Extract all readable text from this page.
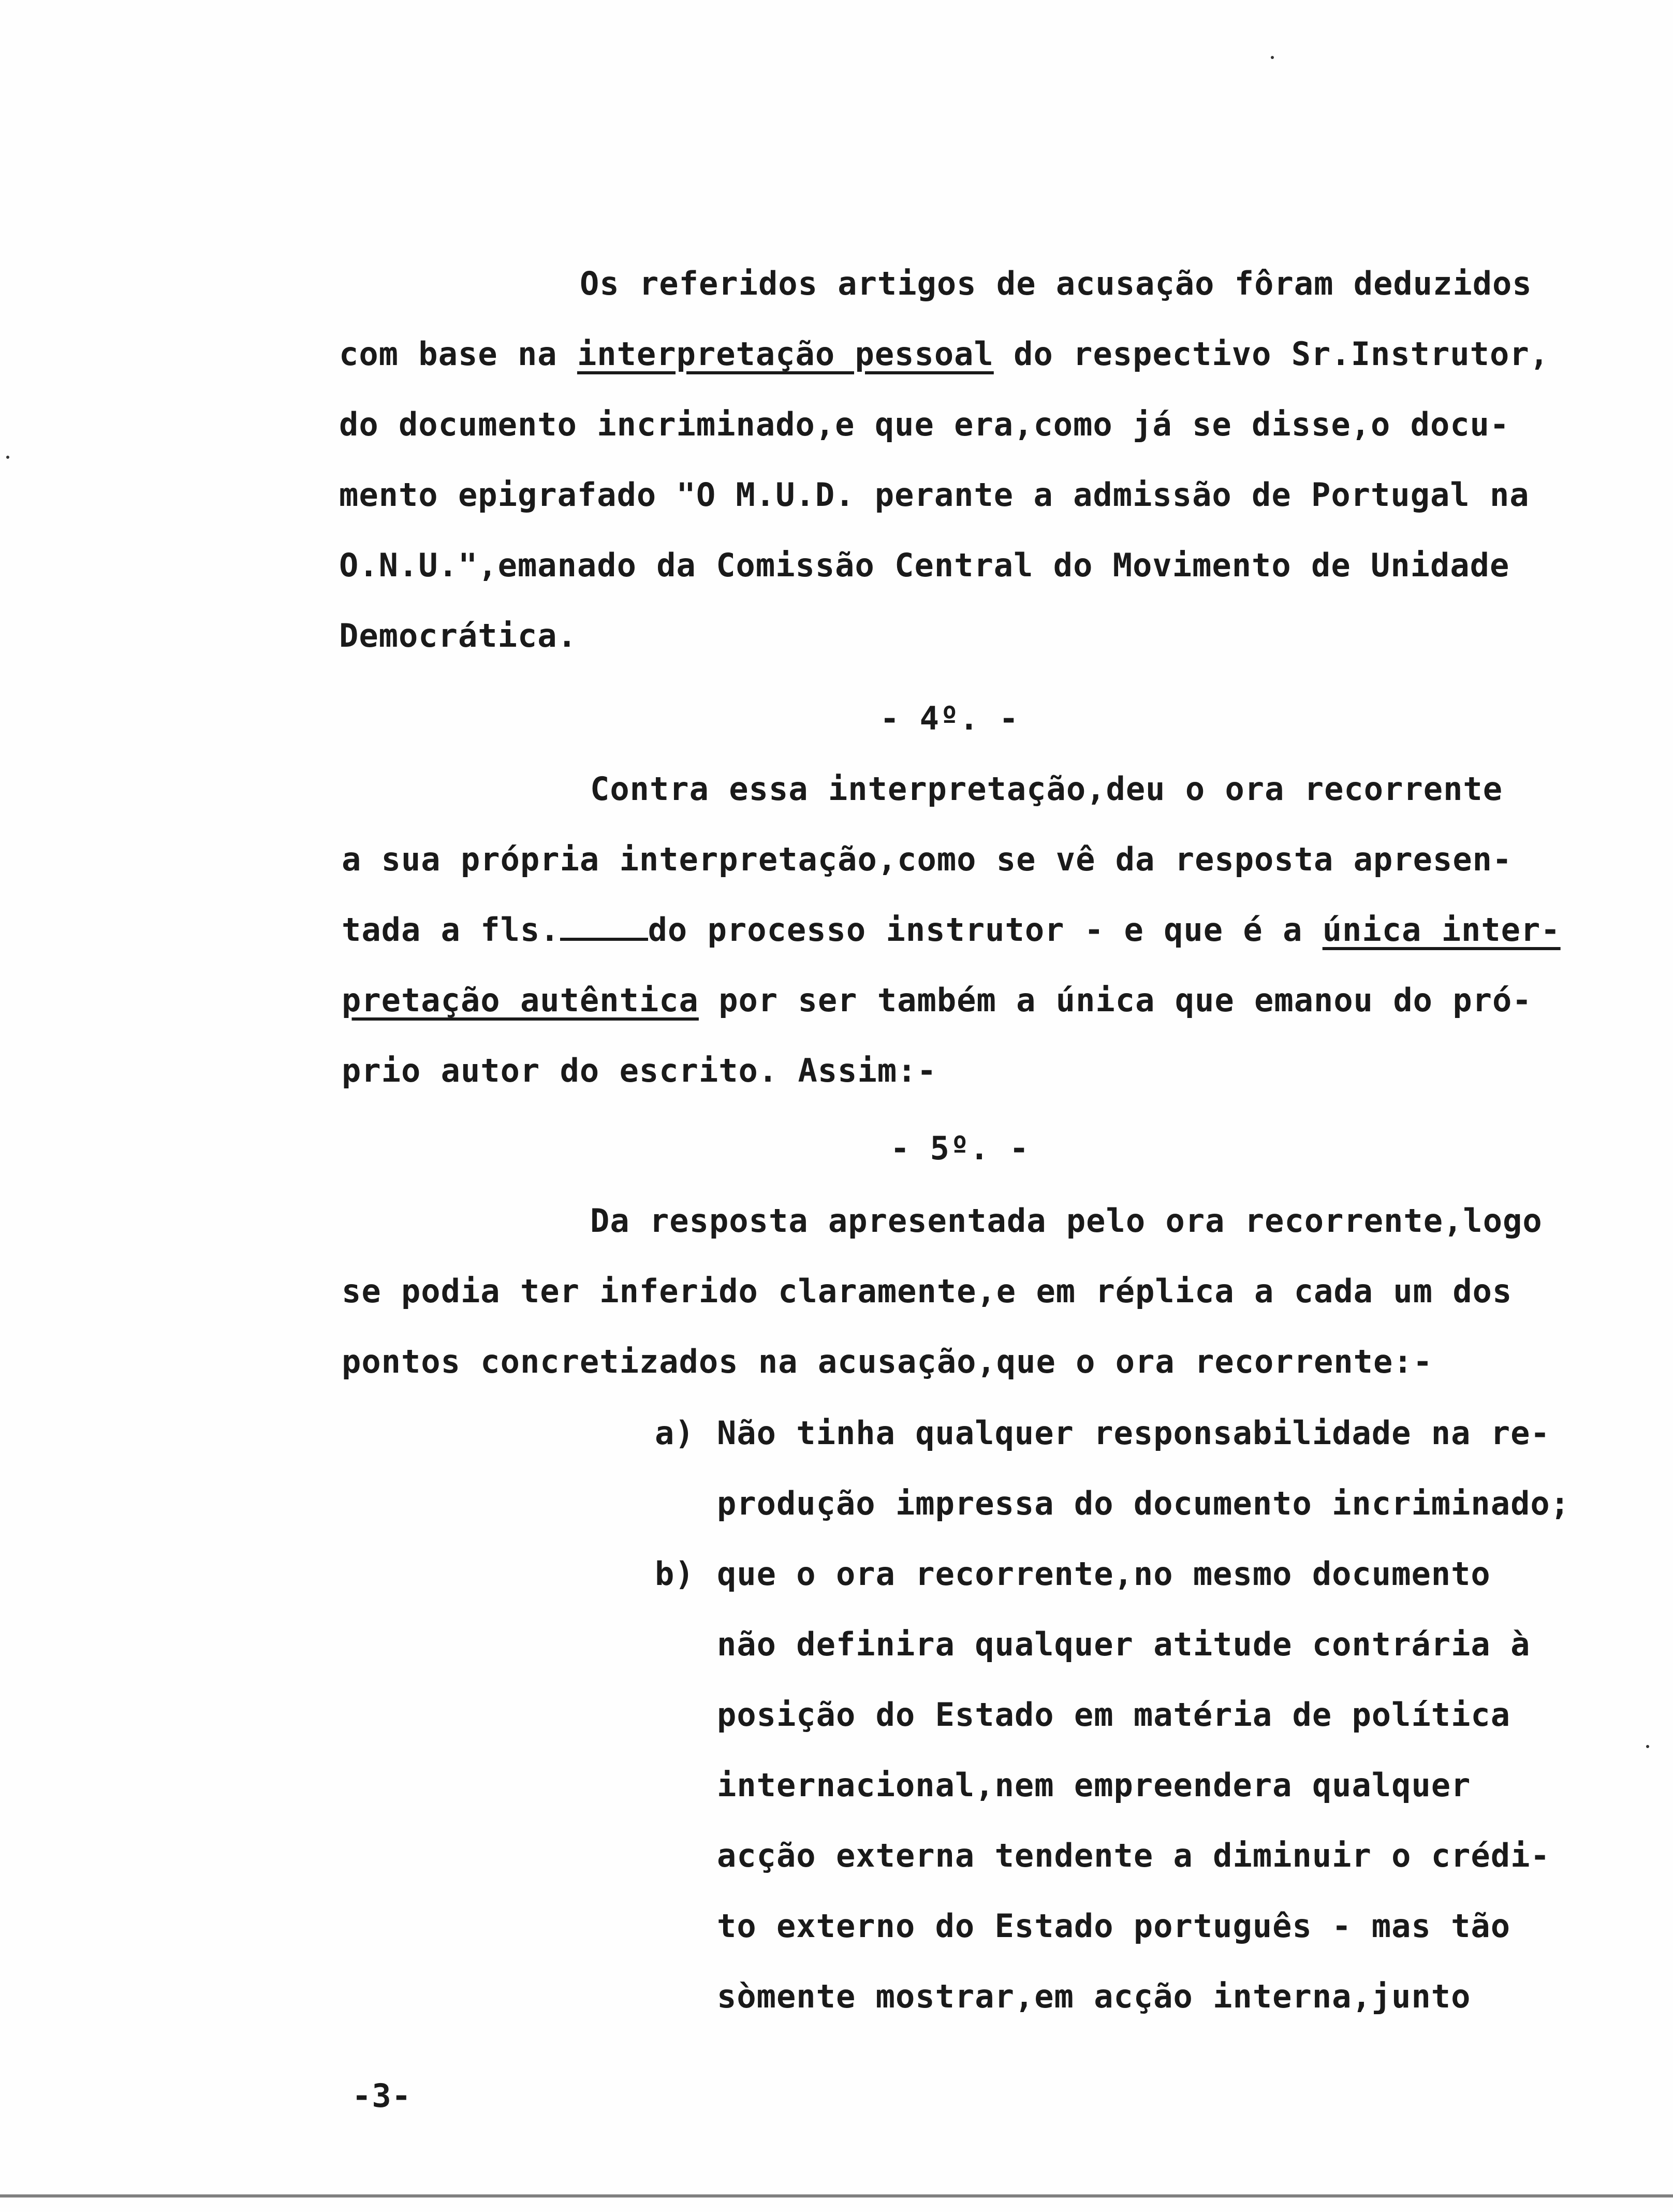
Os referidos artigos de acusação fôram deduzidos
com base na interpretação pessoal do respectivo Sr.Instrutor,
do documento incriminado,e que era,como já se disse,o docu-
mento epigrafado "O M.U.D. perante a admissão de Portugal na
O.N.U.",emanado da Comissão Central do Movimento de Unidade
Democrática.
- 4º. -
Contra essa interpretação,deu o ora recorrente
a sua própria interpretação,como se vê da resposta apresen-
tada a fls.	do processo instrutor - e que é a única inter-
pretação autêntica por ser também a única que emanou do pró-
prio autor do escrito. Assim:-
- 5º. -
Da resposta apresentada pelo ora recorrente,logo
se podia ter inferido claramente,e em réplica a cada um dos
pontos concretizados na acusação,que o ora recorrente:-
a) Não tinha qualquer responsabilidade na re-
produção impressa do documento incriminado;
b) que o ora recorrente,no mesmo documento
não definira qualquer atitude contrária à
posição do Estado em matéria de política
internacional,nem empreendera qualquer
acção externa tendente a diminuir o crédi-
to externo do Estado português - mas tão
sòmente mostrar,em acção interna,junto
-3-
